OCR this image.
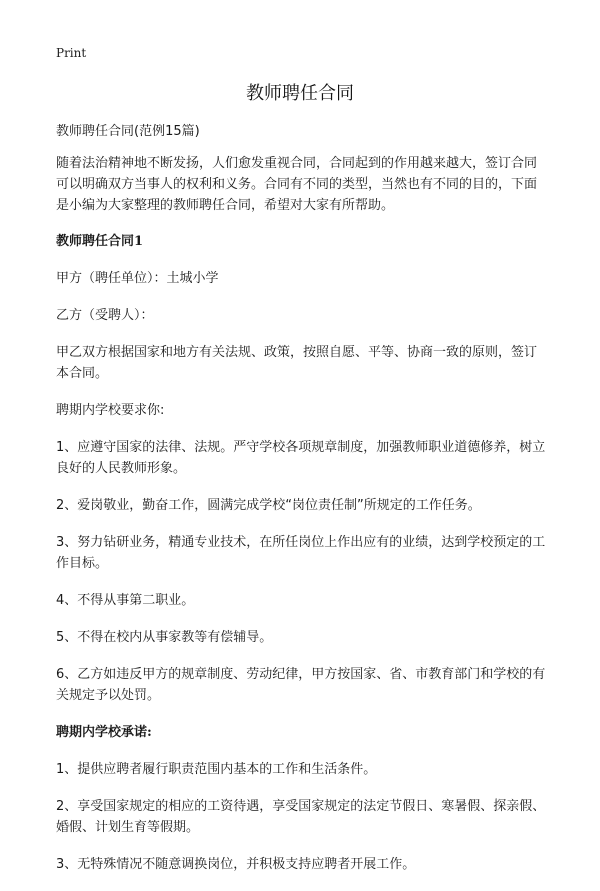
Print
教师聘任合同

教师聘任合同(范例15篇)

随着法治精神地不断发扬，人们愈发重视合同，合同起到的作用越来越大，签订合同可以明确双方当事人的权利和义务。合同有不同的类型，当然也有不同的目的，下面是小编为大家整理的教师聘任合同，希望对大家有所帮助。

教师聘任合同1

甲方（聘任单位）：土城小学

乙方（受聘人）：

甲乙双方根据国家和地方有关法规、政策，按照自愿、平等、协商一致的原则，签订本合同。

聘期内学校要求你:

1、应遵守国家的法律、法规。严守学校各项规章制度，加强教师职业道德修养，树立良好的人民教师形象。

2、爱岗敬业，勤奋工作，圆满完成学校“岗位责任制”所规定的工作任务。

3、努力钻研业务，精通专业技术，在所任岗位上作出应有的业绩，达到学校预定的工作目标。

4、不得从事第二职业。

5、不得在校内从事家教等有偿辅导。

6、乙方如违反甲方的规章制度、劳动纪律，甲方按国家、省、市教育部门和学校的有关规定予以处罚。

聘期内学校承诺:

1、提供应聘者履行职责范围内基本的工作和生活条件。

2、享受国家规定的相应的工资待遇，享受国家规定的法定节假日、寒暑假、探亲假、婚假、计划生育等假期。

3、无特殊情况不随意调换岗位，并积极支持应聘者开展工作。
